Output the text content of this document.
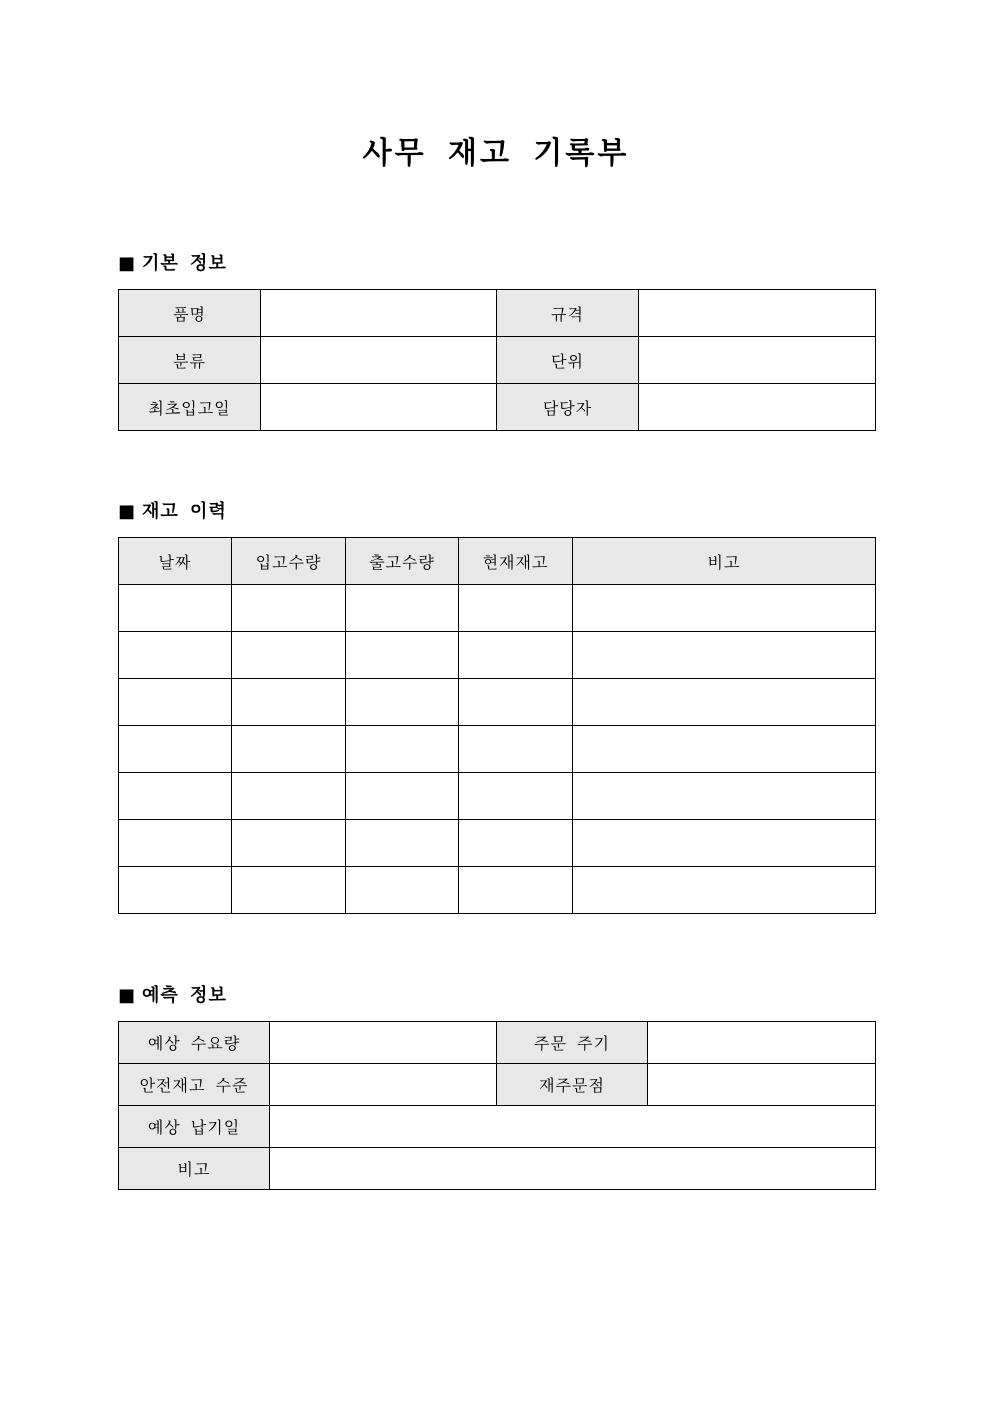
사무 재고 기록부
■ 기본 정보
품명		규격	
분류		단위	
최초입고일		담당자	
■ 재고 이력
날짜	입고수량	출고수량	현재재고	비고

■ 예측 정보
예상 수요량		주문 주기	
안전재고 수준		재주문점	
예상 납기일			
비고			
